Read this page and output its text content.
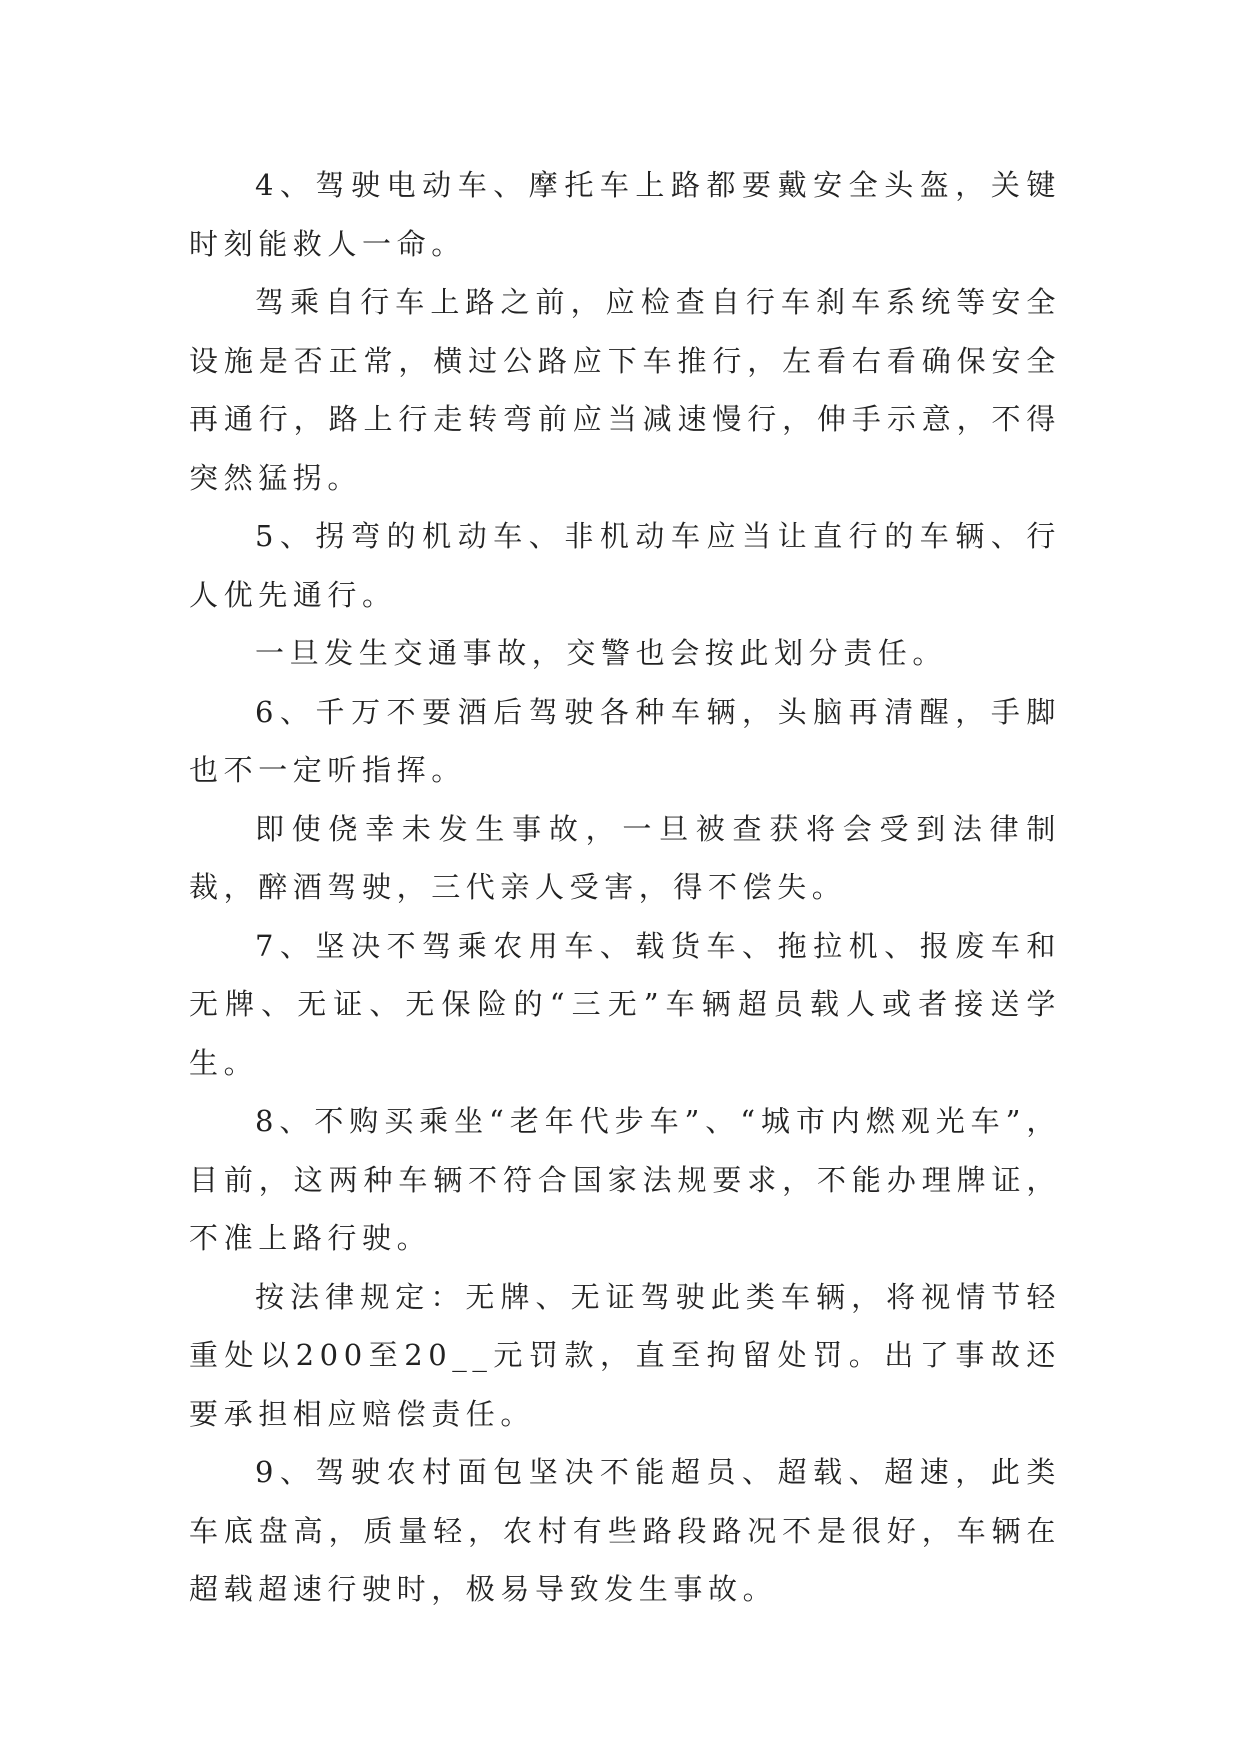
4、驾驶电动车、摩托车上路都要戴安全头盔，关键时刻能救人一命。

驾乘自行车上路之前，应检查自行车刹车系统等安全设施是否正常，横过公路应下车推行，左看右看确保安全再通行，路上行走转弯前应当减速慢行，伸手示意，不得突然猛拐。

5、拐弯的机动车、非机动车应当让直行的车辆、行人优先通行。

一旦发生交通事故，交警也会按此划分责任。

6、千万不要酒后驾驶各种车辆，头脑再清醒，手脚也不一定听指挥。

即使侥幸未发生事故，一旦被查获将会受到法律制裁，醉酒驾驶，三代亲人受害，得不偿失。

7、坚决不驾乘农用车、载货车、拖拉机、报废车和无牌、无证、无保险的“三无”车辆超员载人或者接送学生。

8、不购买乘坐“老年代步车”、“城市内燃观光车”，目前，这两种车辆不符合国家法规要求，不能办理牌证，不准上路行驶。

按法律规定：无牌、无证驾驶此类车辆，将视情节轻重处以200至20__元罚款，直至拘留处罚。出了事故还要承担相应赔偿责任。

9、驾驶农村面包坚决不能超员、超载、超速，此类车底盘高，质量轻，农村有些路段路况不是很好，车辆在超载超速行驶时，极易导致发生事故。
